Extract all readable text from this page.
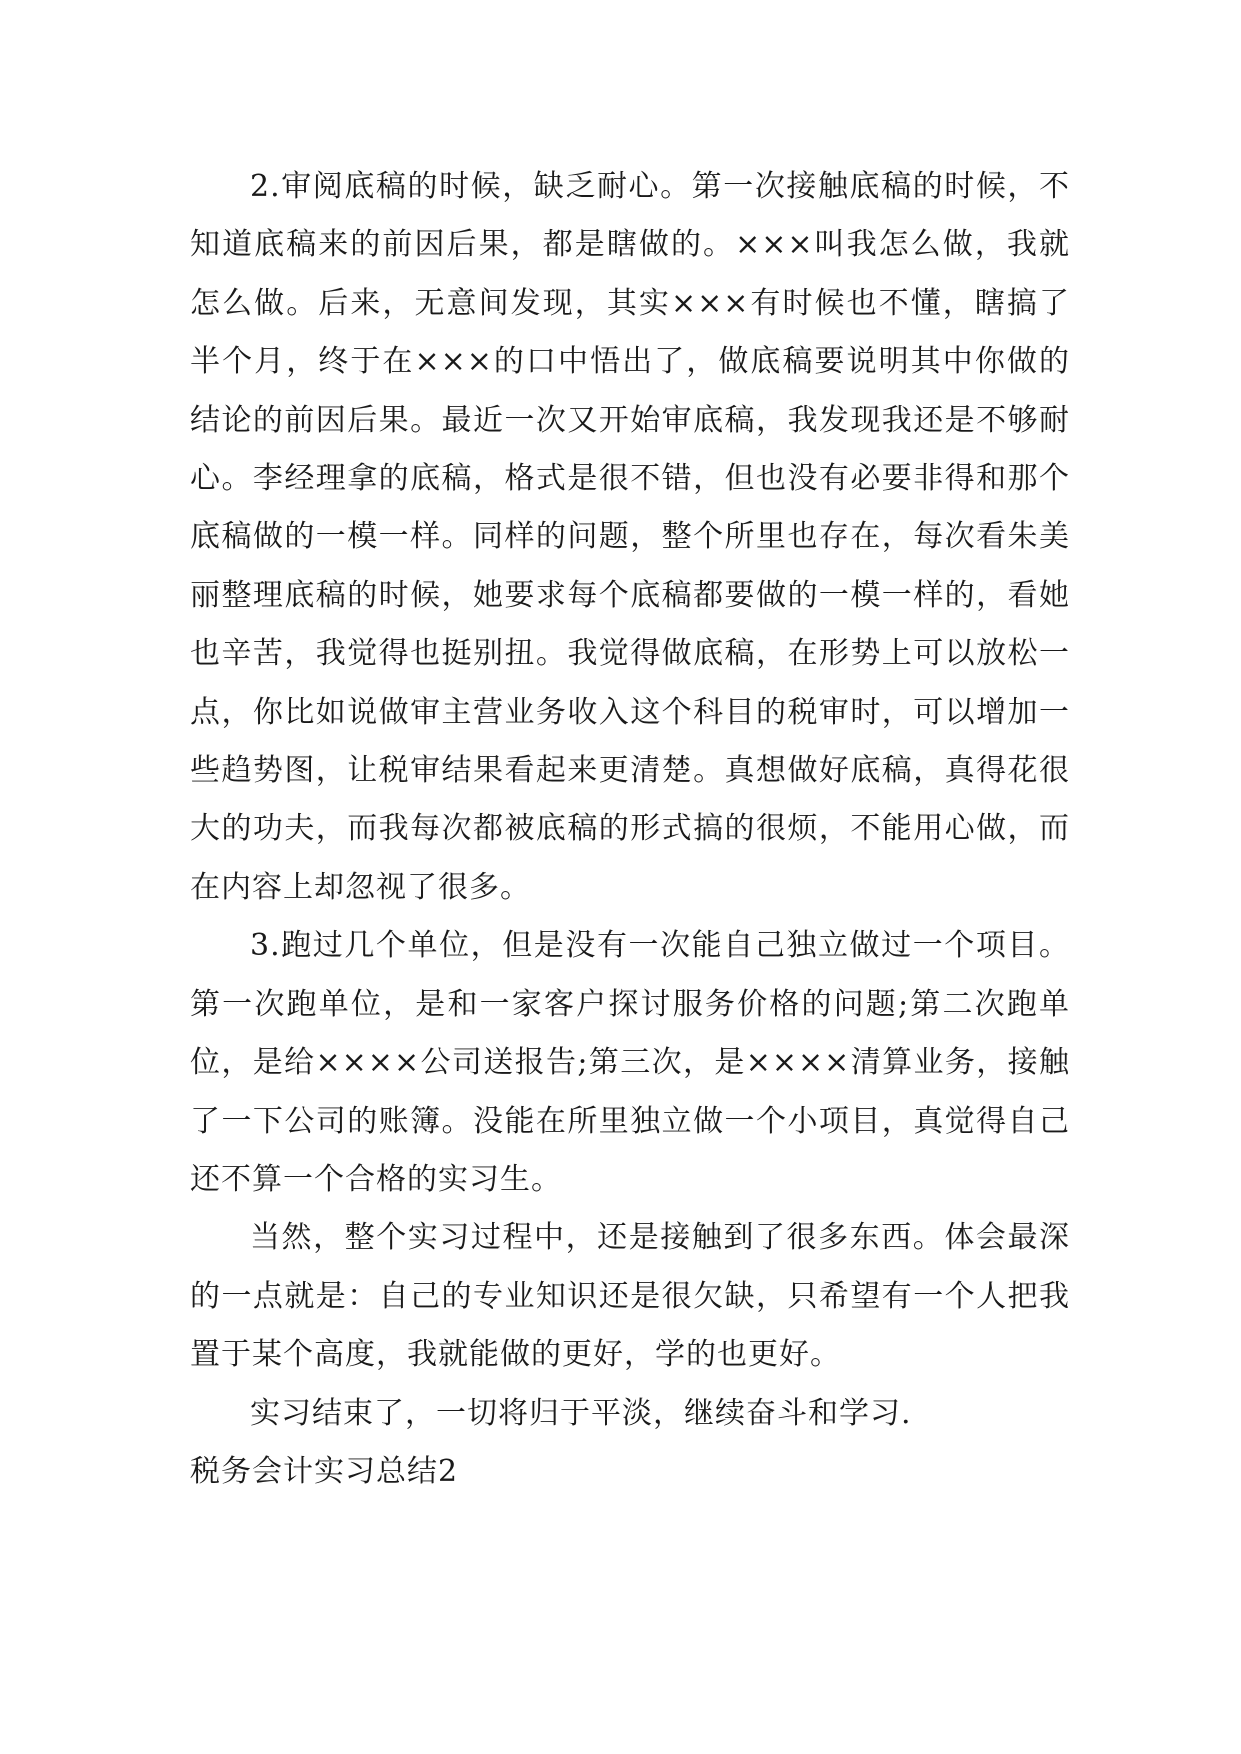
2.审阅底稿的时候，缺乏耐心。第一次接触底稿的时候，不知道底稿来的前因后果，都是瞎做的。×××叫我怎么做，我就怎么做。后来，无意间发现，其实×××有时候也不懂，瞎搞了半个月，终于在×××的口中悟出了，做底稿要说明其中你做的结论的前因后果。最近一次又开始审底稿，我发现我还是不够耐心。李经理拿的底稿，格式是很不错，但也没有必要非得和那个底稿做的一模一样。同样的问题，整个所里也存在，每次看朱美丽整理底稿的时候，她要求每个底稿都要做的一模一样的，看她也辛苦，我觉得也挺别扭。我觉得做底稿，在形势上可以放松一点，你比如说做审主营业务收入这个科目的税审时，可以增加一些趋势图，让税审结果看起来更清楚。真想做好底稿，真得花很大的功夫，而我每次都被底稿的形式搞的很烦，不能用心做，而在内容上却忽视了很多。

3.跑过几个单位，但是没有一次能自己独立做过一个项目。第一次跑单位，是和一家客户探讨服务价格的问题;第二次跑单位，是给××××公司送报告;第三次，是××××清算业务，接触了一下公司的账簿。没能在所里独立做一个小项目，真觉得自己还不算一个合格的实习生。

当然，整个实习过程中，还是接触到了很多东西。体会最深的一点就是：自己的专业知识还是很欠缺，只希望有一个人把我置于某个高度，我就能做的更好，学的也更好。

实习结束了，一切将归于平淡，继续奋斗和学习.

税务会计实习总结2
